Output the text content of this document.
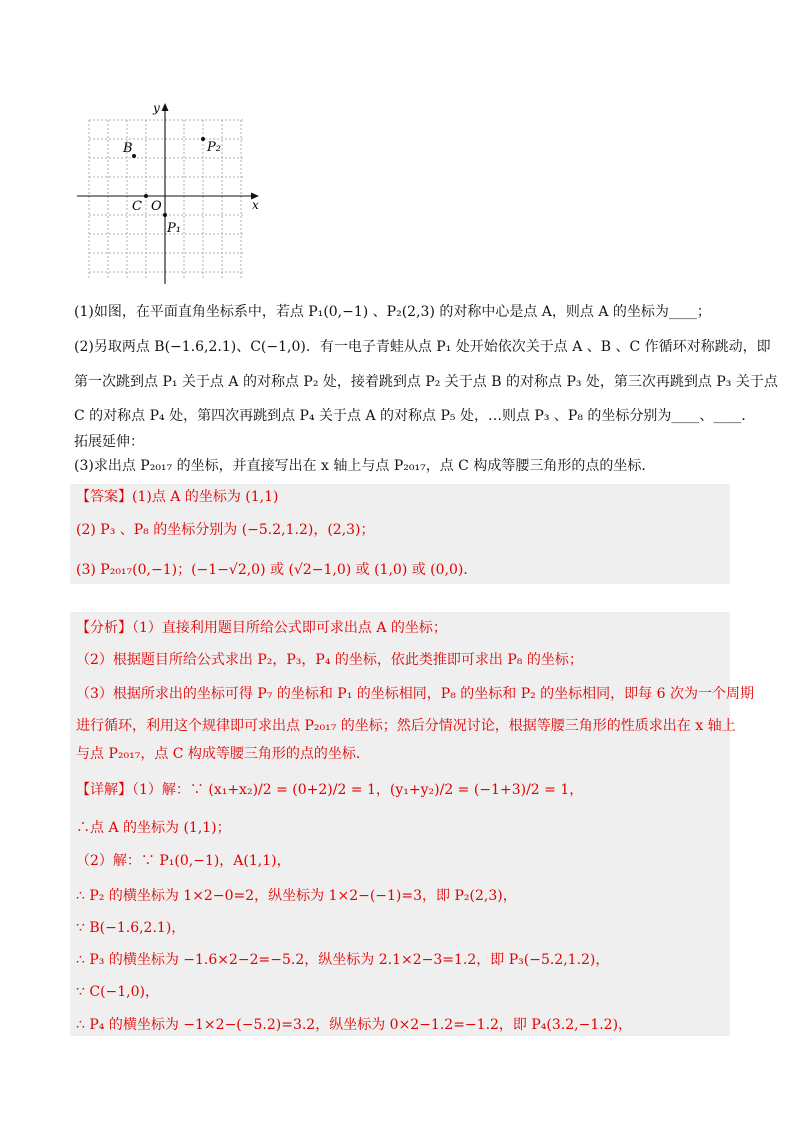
y
x
B	P₂
C O
P₁
(1)如图，在平面直角坐标系中，若点 P₁(0,−1) 、P₂(2,3) 的对称中心是点 A，则点 A 的坐标为____；
(2)另取两点 B(−1.6,2.1)、C(−1,0)．有一电子青蛙从点 P₁ 处开始依次关于点 A 、B 、C 作循环对称跳动，即
第一次跳到点 P₁ 关于点 A 的对称点 P₂ 处，接着跳到点 P₂ 关于点 B 的对称点 P₃ 处，第三次再跳到点 P₃ 关于点
C 的对称点 P₄ 处，第四次再跳到点 P₄ 关于点 A 的对称点 P₅ 处，…则点 P₃ 、P₈ 的坐标分别为____、____．
拓展延伸：
(3)求出点 P₂₀₁₇ 的坐标，并直接写出在 x 轴上与点 P₂₀₁₇，点 C 构成等腰三角形的点的坐标．
【答案】(1)点 A 的坐标为 (1,1)
(2) P₃ 、P₈ 的坐标分别为 (−5.2,1.2)，(2,3)；
(3) P₂₀₁₇(0,−1)；(−1−√2,0) 或 (√2−1,0) 或 (1,0) 或 (0,0)．
【分析】（1）直接利用题目所给公式即可求出点 A 的坐标；
（2）根据题目所给公式求出 P₂，P₃，P₄ 的坐标，依此类推即可求出 P₈ 的坐标；
（3）根据所求出的坐标可得 P₇ 的坐标和 P₁ 的坐标相同，P₈ 的坐标和 P₂ 的坐标相同，即每 6 次为一个周期
进行循环，利用这个规律即可求出点 P₂₀₁₇ 的坐标；然后分情况讨论，根据等腰三角形的性质求出在 x 轴上
与点 P₂₀₁₇，点 C 构成等腰三角形的点的坐标．
【详解】（1）解：∵ (x₁+x₂)/2 = (0+2)/2 = 1，(y₁+y₂)/2 = (−1+3)/2 = 1，
∴点 A 的坐标为 (1,1)；
（2）解：∵ P₁(0,−1)，A(1,1)，
∴ P₂ 的横坐标为 1×2−0=2，纵坐标为 1×2−(−1)=3，即 P₂(2,3)，
∵ B(−1.6,2.1)，
∴ P₃ 的横坐标为 −1.6×2−2=−5.2，纵坐标为 2.1×2−3=1.2，即 P₃(−5.2,1.2)，
∵ C(−1,0)，
∴ P₄ 的横坐标为 −1×2−(−5.2)=3.2，纵坐标为 0×2−1.2=−1.2，即 P₄(3.2,−1.2)，
